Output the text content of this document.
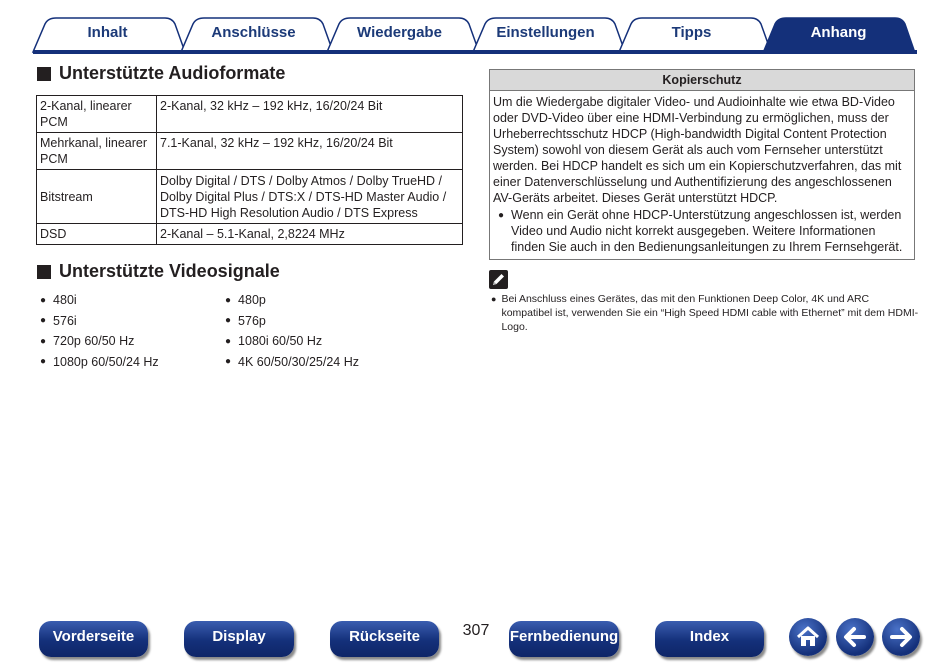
Inhalt	Anschlüsse	Wiedergabe	Einstellungen	Tipps	Anhang
Unterstützte Audioformate
2-Kanal, linearer PCM	2-Kanal, 32 kHz – 192 kHz, 16/20/24 Bit
Mehrkanal, linearer PCM	7.1-Kanal, 32 kHz – 192 kHz, 16/20/24 Bit
Bitstream	Dolby Digital / DTS / Dolby Atmos / Dolby TrueHD / Dolby Digital Plus / DTS:X / DTS-HD Master Audio / DTS-HD High Resolution Audio / DTS Express
DSD	2-Kanal – 5.1-Kanal, 2,8224 MHz
Unterstützte Videosignale
● 480i	● 480p
● 576i	● 576p
● 720p 60/50 Hz	● 1080i 60/50 Hz
● 1080p 60/50/24 Hz	● 4K 60/50/30/25/24 Hz
Kopierschutz
Um die Wiedergabe digitaler Video- und Audioinhalte wie etwa BD-Video oder DVD-Video über eine HDMI-Verbindung zu ermöglichen, muss der Urheberrechtsschutz HDCP (High-bandwidth Digital Content Protection System) sowohl von diesem Gerät als auch vom Fernseher unterstützt werden. Bei HDCP handelt es sich um ein Kopierschutzverfahren, das mit einer Datenverschlüsselung und Authentifizierung des angeschlossenen AV-Geräts arbeitet. Dieses Gerät unterstützt HDCP.
● Wenn ein Gerät ohne HDCP-Unterstützung angeschlossen ist, werden Video und Audio nicht korrekt ausgegeben. Weitere Informationen finden Sie auch in den Bedienungsanleitungen zu Ihrem Fernsehgerät.
● Bei Anschluss eines Gerätes, das mit den Funktionen Deep Color, 4K und ARC kompatibel ist, verwenden Sie ein “High Speed HDMI cable with Ethernet” mit dem HDMI-Logo.
Vorderseite	Display	Rückseite	307	Fernbedienung	Index
